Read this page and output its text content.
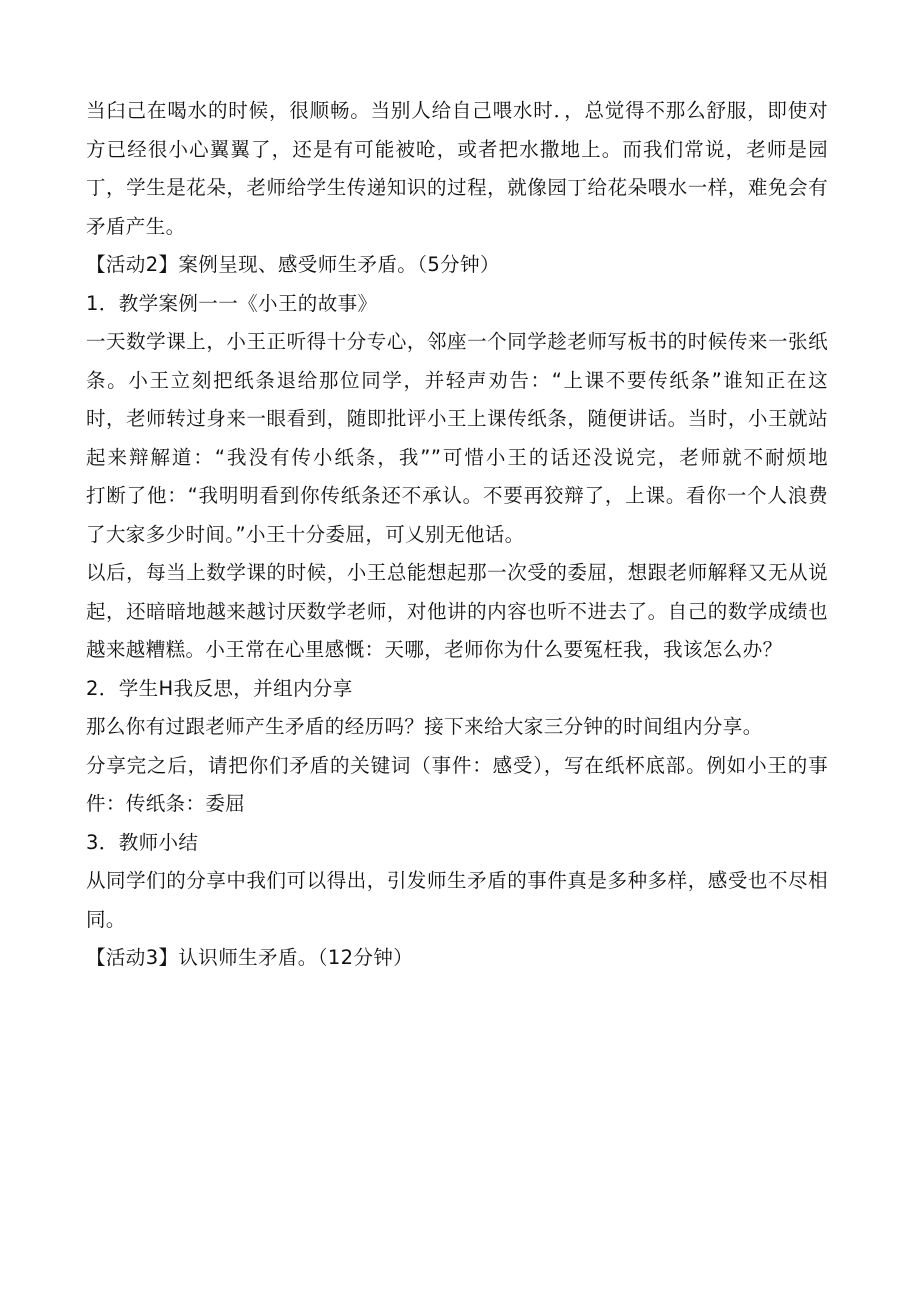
当臼己在喝水的时候，很顺畅。当别人给自己喂水时．，总觉得不那么舒服，即使对
方已经很小心翼翼了，还是有可能被呛，或者把水撒地上。而我们常说，老师是园
丁，学生是花朵，老师给学生传递知识的过程，就像园丁给花朵喂水一样，难免会有
矛盾产生。
【活动2】案例呈现、感受师生矛盾。（5分钟）
1．教学案例一一《小王的故事》
一天数学课上，小王正听得十分专心，邻座一个同学趁老师写板书的时候传来一张纸
条。小王立刻把纸条退给那位同学，并轻声劝告：“上课不要传纸条”谁知正在这
时，老师转过身来一眼看到，随即批评小王上课传纸条，随便讲话。当时，小王就站
起来辩解道：“我没有传小纸条，我””可惜小王的话还没说完，老师就不耐烦地
打断了他：“我明明看到你传纸条还不承认。不要再狡辩了，上课。看你一个人浪费
了大家多少时间。”小王十分委屈，可乂别无他话。
以后，每当上数学课的时候，小王总能想起那一次受的委屈，想跟老师解释又无从说
起，还暗暗地越来越讨厌数学老师，对他讲的内容也听不进去了。自己的数学成绩也
越来越糟糕。小王常在心里感慨：天哪，老师你为什么要冤枉我，我该怎么办？
2．学生H我反思，并组内分享
那么你有过跟老师产生矛盾的经历吗？接下来给大家三分钟的时间组内分享。
分享完之后，请把你们矛盾的关键词（事件：感受），写在纸杯底部。例如小王的事
件：传纸条：委屈
3．教师小结
从同学们的分享中我们可以得出，引发师生矛盾的事件真是多种多样，感受也不尽相
同。
【活动3】认识师生矛盾。（12分钟）
